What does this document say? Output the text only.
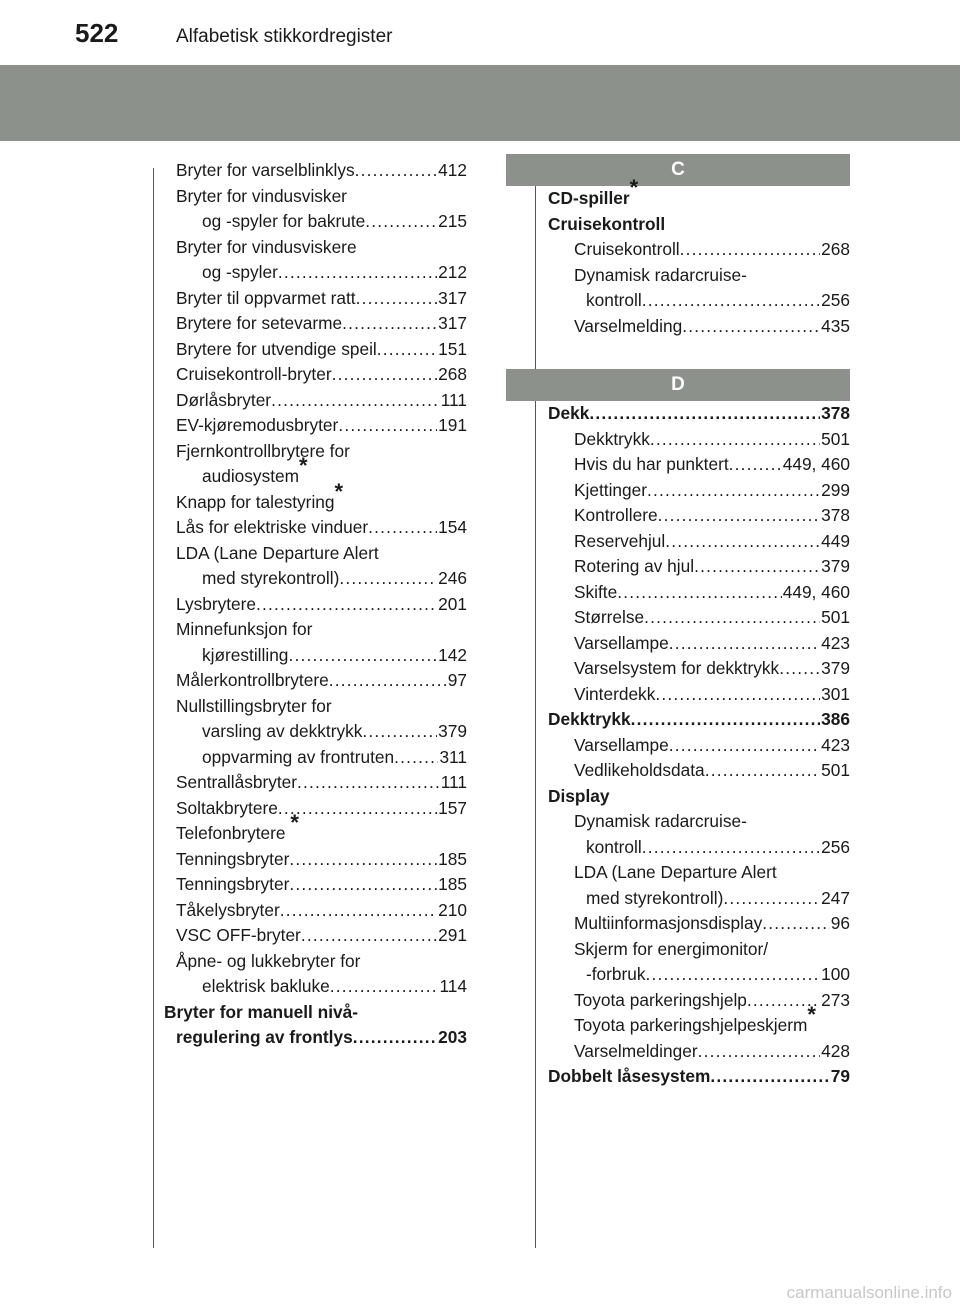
522	Alfabetisk stikkordregister
Bryter for varselblinklys .....	412
Bryter for vindusvisker
og -spyler for bakrute .....	215
Bryter for vindusviskere
og -spyler .....	212
Bryter til oppvarmet ratt .....	317
Brytere for setevarme .....	317
Brytere for utvendige speil .....	151
Cruisekontroll-bryter .....	268
Dørlåsbryter .....	111
EV-kjøremodusbryter .....	191
Fjernkontrollbrytere for
audiosystem*
Knapp for talestyring*
Lås for elektriske vinduer .....	154
LDA (Lane Departure Alert
med styrekontroll) .....	246
Lysbrytere .....	201
Minnefunksjon for
kjørestilling .....	142
Målerkontrollbrytere .....	97
Nullstillingsbryter for
varsling av dekktrykk .....	379
oppvarming av frontruten .....	311
Sentrallåsbryter .....	111
Soltakbrytere .....	157
Telefonbrytere *
Tenningsbryter .....	185
Tenningsbryter .....	185
Tåkelysbryter .....	210
VSC OFF-bryter .....	291
Åpne- og lukkebryter for
elektrisk bakluke .....	114
Bryter for manuell nivå-
regulering av frontlys .....	203
C
CD-spiller*
Cruisekontroll
Cruisekontroll .....	268
Dynamisk radarcruise-
kontroll .....	256
Varselmelding .....	435
D
Dekk .....	378
Dekktrykk .....	501
Hvis du har punktert .....	449, 460
Kjettinger .....	299
Kontrollere .....	378
Reservehjul .....	449
Rotering av hjul .....	379
Skifte .....	449, 460
Størrelse .....	501
Varsellampe .....	423
Varselsystem for dekktrykk ..... 379
Vinterdekk .....	301
Dekktrykk .....	386
Varsellampe .....	423
Vedlikeholdsdata .....	501
Display
Dynamisk radarcruise-
kontroll .....	256
LDA (Lane Departure Alert
med styrekontroll) .....	247
Multiinformasjonsdisplay .....	96
Skjerm for energimonitor/
-forbruk .....	100
Toyota parkeringshjelp .....	273
Toyota parkeringshjelpeskjerm*
Varselmeldinger .....	428
Dobbelt låsesystem .....	79
carmanualsonline.info
